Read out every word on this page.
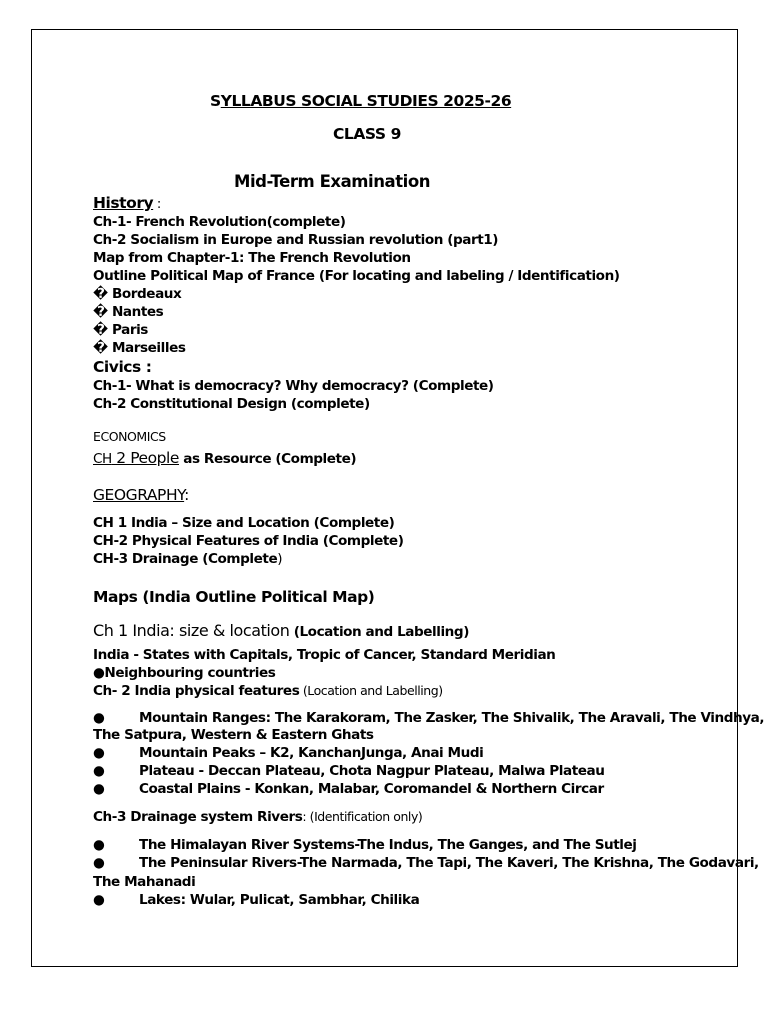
SYLLABUS SOCIAL STUDIES 2025-26
CLASS 9
Mid-Term Examination
History :
Ch-1- French Revolution(complete)
Ch-2 Socialism in Europe and Russian revolution (part1)
Map from Chapter-1: The French Revolution
Outline Political Map of France (For locating and labeling / Identification)
� Bordeaux
� Nantes
� Paris
� Marseilles
Civics :
Ch-1- What is democracy? Why democracy? (Complete)
Ch-2 Constitutional Design (complete)
ECONOMICS
CH 2 People as Resource (Complete)
GEOGRAPHY:
CH 1 India – Size and Location (Complete)
CH-2 Physical Features of India (Complete)
CH-3 Drainage (Complete)
Maps (India Outline Political Map)
Ch 1 India: size & location (Location and Labelling)
India - States with Capitals, Tropic of Cancer, Standard Meridian
●Neighbouring countries
Ch- 2 India physical features (Location and Labelling)
●	Mountain Ranges: The Karakoram, The Zasker, The Shivalik, The Aravali, The Vindhya,
The Satpura, Western & Eastern Ghats
●	Mountain Peaks – K2, KanchanJunga, Anai Mudi
●	Plateau - Deccan Plateau, Chota Nagpur Plateau, Malwa Plateau
●	Coastal Plains - Konkan, Malabar, Coromandel & Northern Circar
Ch-3 Drainage system Rivers: (Identification only)
●	The Himalayan River Systems-The Indus, The Ganges, and The Sutlej
●	The Peninsular Rivers-The Narmada, The Tapi, The Kaveri, The Krishna, The Godavari,
The Mahanadi
●	Lakes: Wular, Pulicat, Sambhar, Chilika
